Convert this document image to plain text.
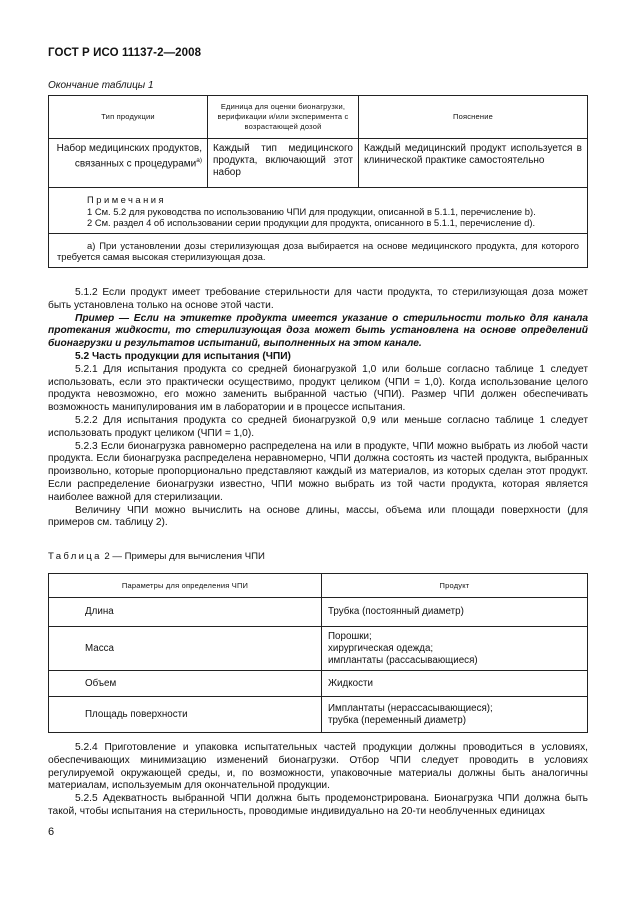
ГОСТ Р ИСО 11137-2—2008
Окончание таблицы 1
Тип продукции	Единица для оценки бионагрузки, верификации и/или эксперимента с возрастающей дозой	Пояснение
Набор медицинских продуктов, связанных с процедурами$^{а)}$	Каждый тип медицинского продукта, включающий этот набор	Каждый медицинский продукт используется в клинической практике самостоятельно

Примечания
1 См. 5.2 для руководства по использованию ЧПИ для продукции, описанной в 5.1.1, перечисление b).
2 См. раздел 4 об использовании серии продукции для продукта, описанного в 5.1.1, перечисление d).		

а) При установлении дозы стерилизующая доза выбирается на основе медицинского продукта, для которого требуется самая высокая стерилизующая доза.		

5.1.2 Если продукт имеет требование стерильности для части продукта, то стерилизующая доза может быть установлена только на основе этой части.

Пример — Если на этикетке продукта имеется указание о стерильности только для канала протекания жидкости, то стерилизующая доза может быть установлена на основе определений бионагрузки и результатов испытаний, выполненных на этом канале.

5.2 Часть продукции для испытания (ЧПИ)

5.2.1 Для испытания продукта со средней бионагрузкой 1,0 или больше согласно таблице 1 следует использовать, если это практически осуществимо, продукт целиком (ЧПИ = 1,0). Когда использование целого продукта невозможно, его можно заменить выбранной частью (ЧПИ). Размер ЧПИ должен обеспечивать возможность манипулирования им в лаборатории и в процессе испытания.

5.2.2 Для испытания продукта со средней бионагрузкой 0,9 или меньше согласно таблице 1 следует использовать продукт целиком (ЧПИ = 1,0).

5.2.3 Если бионагрузка равномерно распределена на или в продукте, ЧПИ можно выбрать из любой части продукта. Если бионагрузка распределена неравномерно, ЧПИ должна состоять из частей продукта, выбранных произвольно, которые пропорционально представляют каждый из материалов, из которых сделан этот продукт. Если распределение бионагрузки известно, ЧПИ можно выбрать из той части продукта, которая является наиболее важной для стерилизации.

Величину ЧПИ можно вычислить на основе длины, массы, объема или площади поверхности (для примеров см. таблицу 2).

Таблица 2 — Примеры для вычисления ЧПИ
Параметры для определения ЧПИ	Продукт
Длина	Трубка (постоянный диаметр)

Масса	Порошки;
хирургическая одежда;
имплантаты (рассасывающиеся)

Объем	Жидкости

Площадь поверхности	Имплантаты (нерассасывающиеся);
трубка (переменный диаметр)

5.2.4 Приготовление и упаковка испытательных частей продукции должны проводиться в условиях, обеспечивающих минимизацию изменений бионагрузки. Отбор ЧПИ следует проводить в условиях регулируемой окружающей среды, и, по возможности, упаковочные материалы должны быть аналогичны материалам, используемым для окончательной продукции.

5.2.5 Адекватность выбранной ЧПИ должна быть продемонстрирована. Бионагрузка ЧПИ должна быть такой, чтобы испытания на стерильность, проводимые индивидуально на 20-ти необлученных единицах

6
